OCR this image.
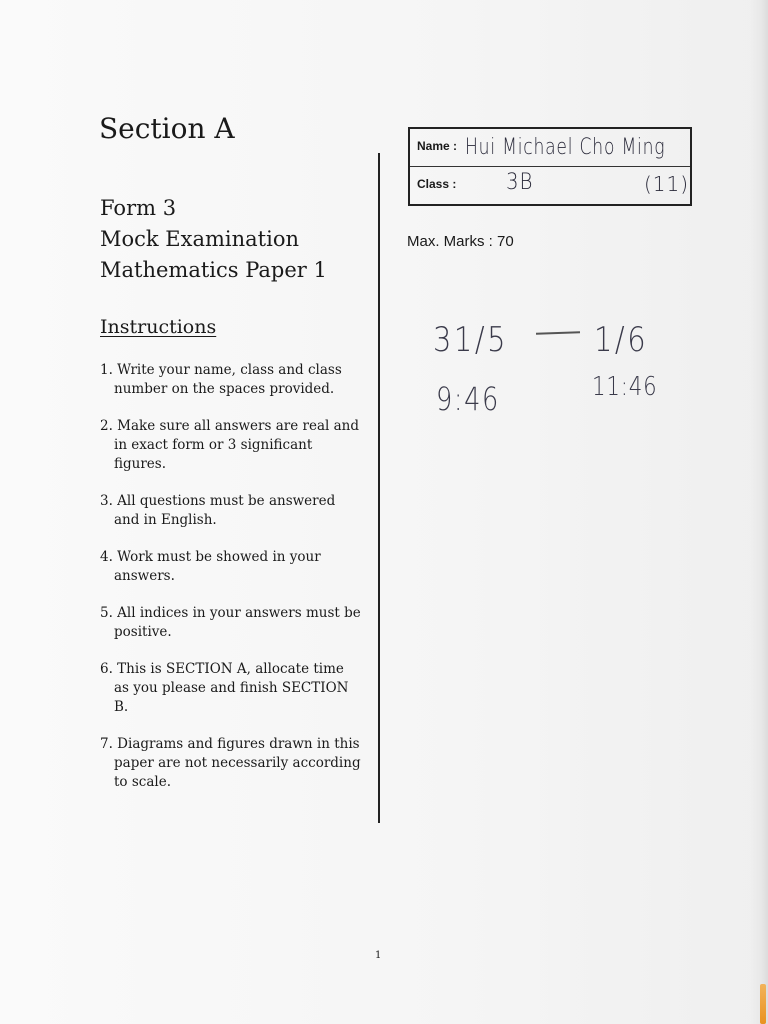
Section A
Form 3
Mock Examination
Mathematics Paper 1
Instructions
1. Write your name, class and class number on the spaces provided.
2. Make sure all answers are real and in exact form or 3 significant figures.
3. All questions must be answered and in English.
4. Work must be showed in your answers.
5. All indices in your answers must be positive.
6. This is SECTION A, allocate time as you please and finish SECTION B.
7. Diagrams and figures drawn in this paper are not necessarily according to scale.
Name : Hui Michael Cho Ming
Class : 3B	(11)
Max. Marks : 70
31/5	1/6
9:46	11:46
1
